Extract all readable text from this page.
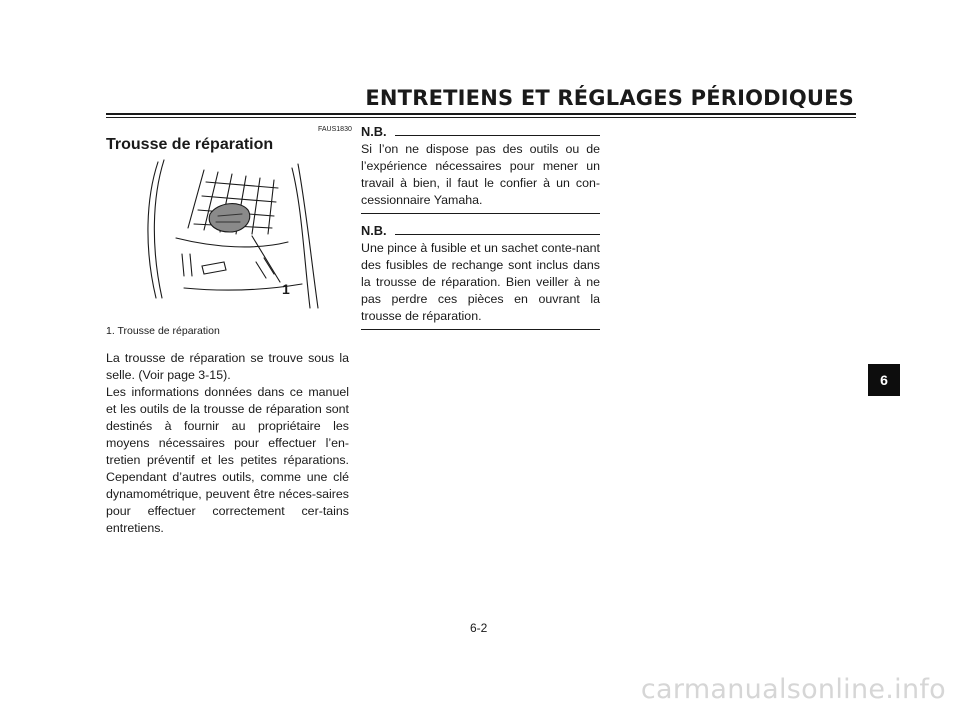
ENTRETIENS ET RÉGLAGES PÉRIODIQUES
FAUS1830
Trousse de réparation
1
1. Trousse de réparation

La trousse de réparation se trouve sous la selle. (Voir page 3-15).

Les informations données dans ce manuel et les outils de la trousse de réparation sont destinés à fournir au propriétaire les moyens nécessaires pour effectuer l’en-tretien préventif et les petites réparations. Cependant d’autres outils, comme une clé dynamométrique, peuvent être néces-saires pour effectuer correctement cer-tains entretiens.

N.B.
Si l’on ne dispose pas des outils ou de l’expérience nécessaires pour mener un travail à bien, il faut le confier à un con-cessionnaire Yamaha.
N.B.
Une pince à fusible et un sachet conte-nant des fusibles de rechange sont inclus dans la trousse de réparation. Bien veiller à ne pas perdre ces pièces en ouvrant la trousse de réparation.
6-2
6
carmanualsonline.info
